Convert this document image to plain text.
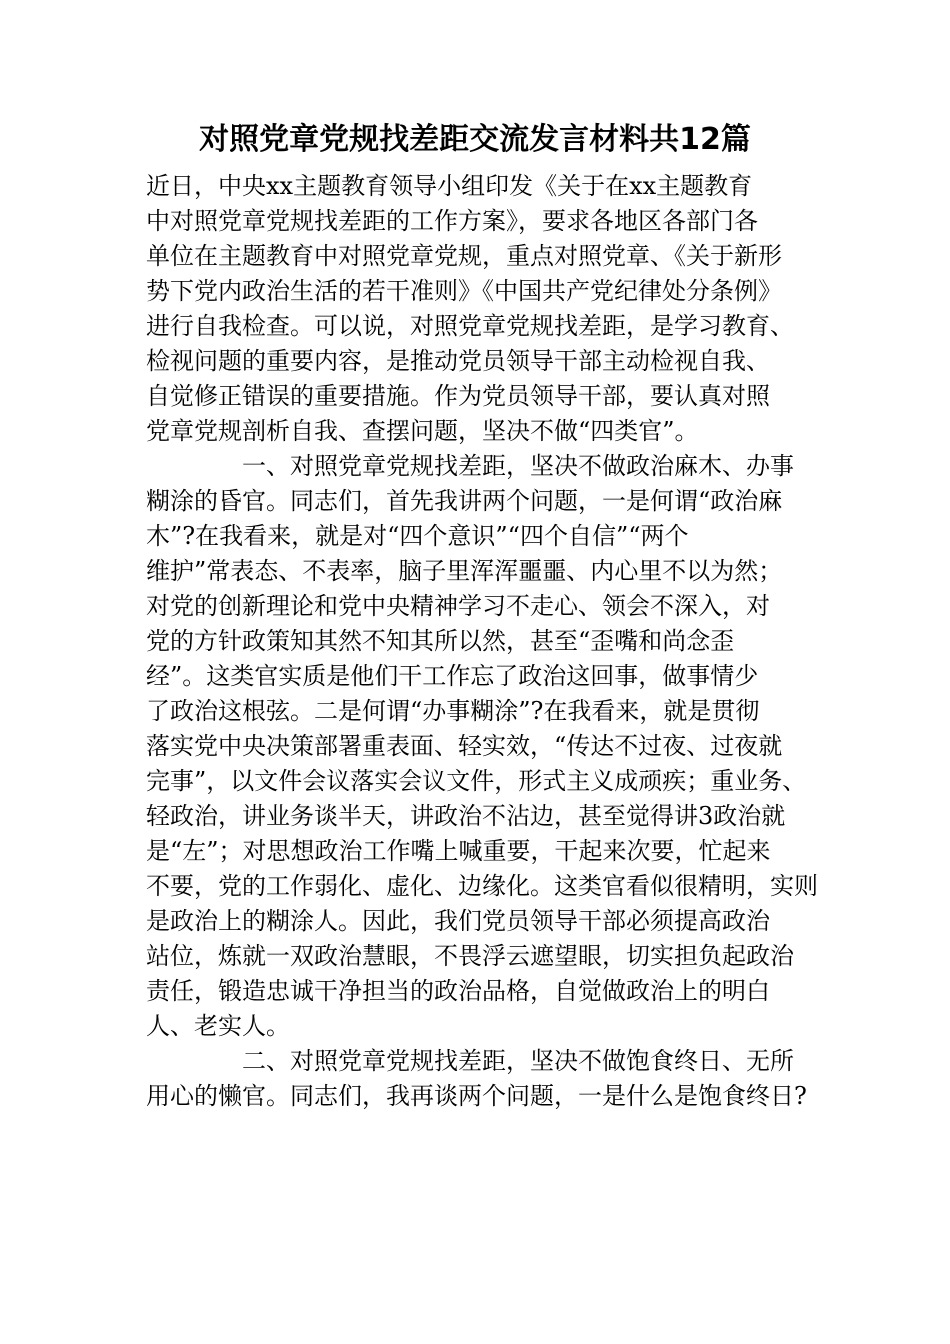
对照党章党规找差距交流发言材料共12篇
近日，中央xx主题教育领导小组印发《关于在xx主题教育
中对照党章党规找差距的工作方案》，要求各地区各部门各
单位在主题教育中对照党章党规，重点对照党章、《关于新形
势下党内政治生活的若干准则》《中国共产党纪律处分条例》
进行自我检查。可以说，对照党章党规找差距，是学习教育、
检视问题的重要内容，是推动党员领导干部主动检视自我、
自觉修正错误的重要措施。作为党员领导干部，要认真对照
党章党规剖析自我、查摆问题，坚决不做“四类官”。
一、对照党章党规找差距，坚决不做政治麻木、办事
糊涂的昏官。同志们，首先我讲两个问题，一是何谓“政治麻
木”?在我看来，就是对“四个意识”“四个自信”“两个
维护”常表态、不表率，脑子里浑浑噩噩、内心里不以为然；
对党的创新理论和党中央精神学习不走心、领会不深入，对
党的方针政策知其然不知其所以然，甚至“歪嘴和尚念歪
经”。这类官实质是他们干工作忘了政治这回事，做事情少
了政治这根弦。二是何谓“办事糊涂”?在我看来，就是贯彻
落实党中央决策部署重表面、轻实效，“传达不过夜、过夜就
完事”，以文件会议落实会议文件，形式主义成顽疾；重业务、
轻政治，讲业务谈半天，讲政治不沾边，甚至觉得讲3政治就
是“左”；对思想政治工作嘴上喊重要，干起来次要，忙起来
不要，党的工作弱化、虚化、边缘化。这类官看似很精明，实则
是政治上的糊涂人。因此，我们党员领导干部必须提高政治
站位，炼就一双政治慧眼，不畏浮云遮望眼，切实担负起政治
责任，锻造忠诚干净担当的政治品格，自觉做政治上的明白
人、老实人。
二、对照党章党规找差距，坚决不做饱食终日、无所
用心的懒官。同志们，我再谈两个问题，一是什么是饱食终日?
